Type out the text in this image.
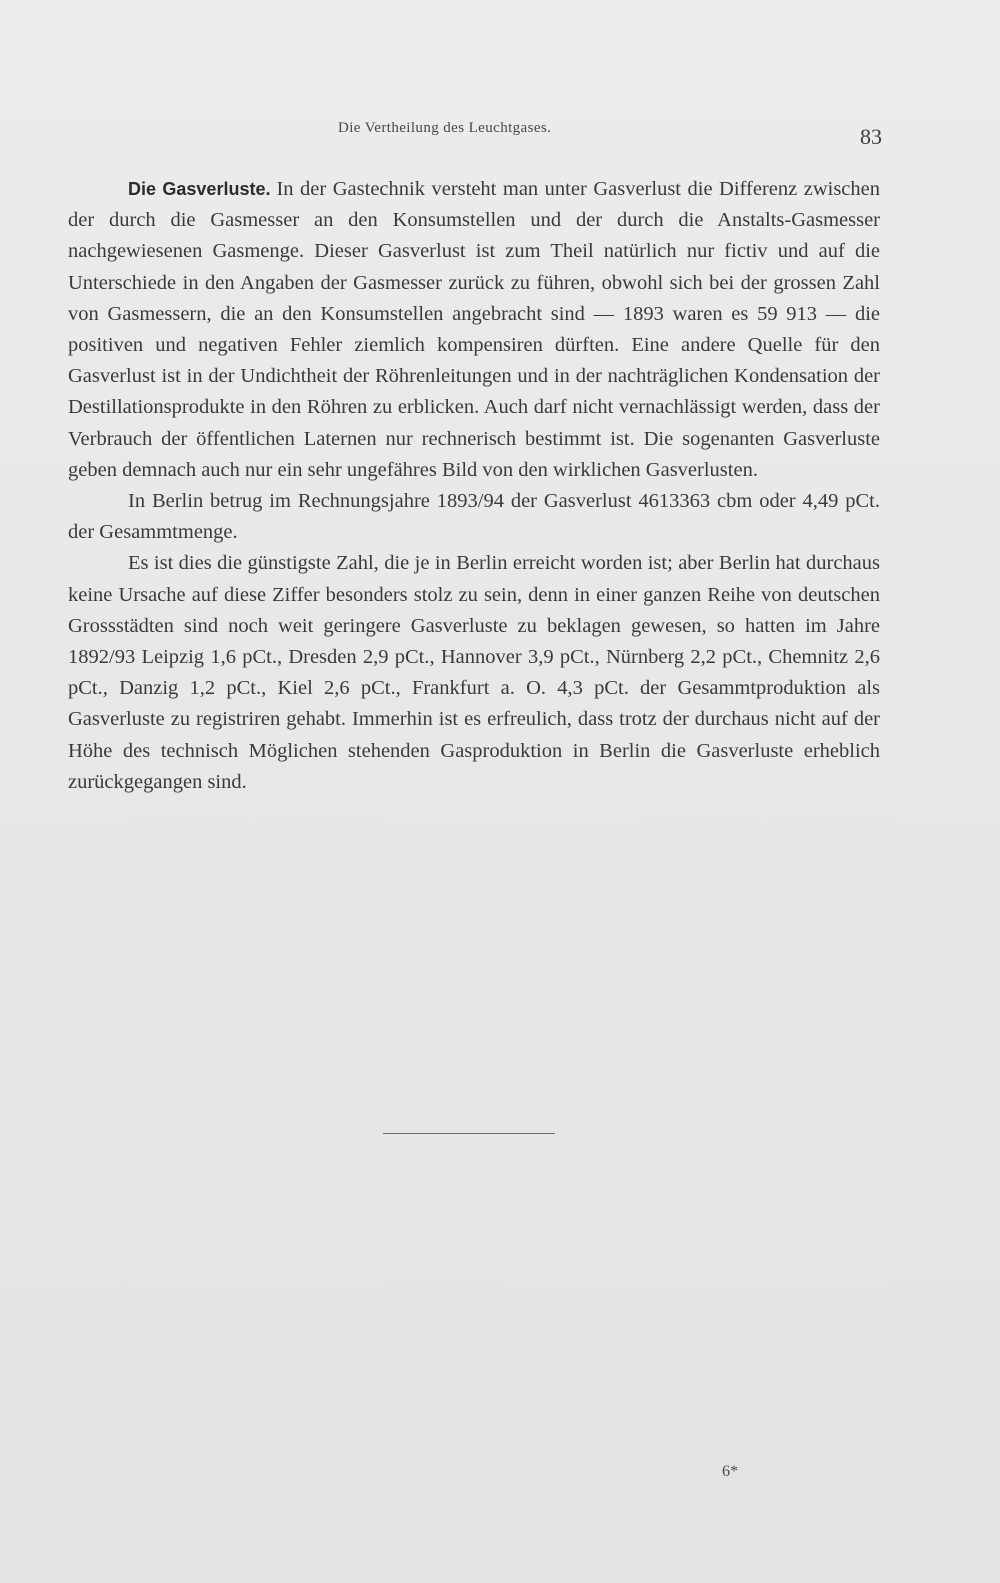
Die Vertheilung des Leuchtgases.	83

Die Gasverluste. In der Gastechnik versteht man unter Gasverlust die Differenz zwischen der durch die Gasmesser an den Konsumstellen und der durch die Anstalts-Gasmesser nachgewiesenen Gasmenge. Dieser Gasverlust ist zum Theil natürlich nur fictiv und auf die Unterschiede in den Angaben der Gasmesser zurück zu führen, obwohl sich bei der grossen Zahl von Gasmessern, die an den Konsumstellen angebracht sind — 1893 waren es 59 913 — die positiven und negativen Fehler ziemlich kompensiren dürften. Eine andere Quelle für den Gasverlust ist in der Undichtheit der Röhrenleitungen und in der nachträglichen Kondensation der Destillationsprodukte in den Röhren zu erblicken. Auch darf nicht vernachlässigt werden, dass der Verbrauch der öffentlichen Laternen nur rechnerisch bestimmt ist. Die sogenanten Gasverluste geben demnach auch nur ein sehr ungefähres Bild von den wirklichen Gasverlusten.

In Berlin betrug im Rechnungsjahre 1893/94 der Gasverlust 4613363 cbm oder 4,49 pCt. der Gesammtmenge.

Es ist dies die günstigste Zahl, die je in Berlin erreicht worden ist; aber Berlin hat durchaus keine Ursache auf diese Ziffer besonders stolz zu sein, denn in einer ganzen Reihe von deutschen Grossstädten sind noch weit geringere Gasverluste zu beklagen gewesen, so hatten im Jahre 1892/93 Leipzig 1,6 pCt., Dresden 2,9 pCt., Hannover 3,9 pCt., Nürnberg 2,2 pCt., Chemnitz 2,6 pCt., Danzig 1,2 pCt., Kiel 2,6 pCt., Frankfurt a. O. 4,3 pCt. der Gesammtproduktion als Gasverluste zu registriren gehabt. Immerhin ist es erfreulich, dass trotz der durchaus nicht auf der Höhe des technisch Möglichen stehenden Gasproduktion in Berlin die Gasverluste erheblich zurückgegangen sind.

6*
